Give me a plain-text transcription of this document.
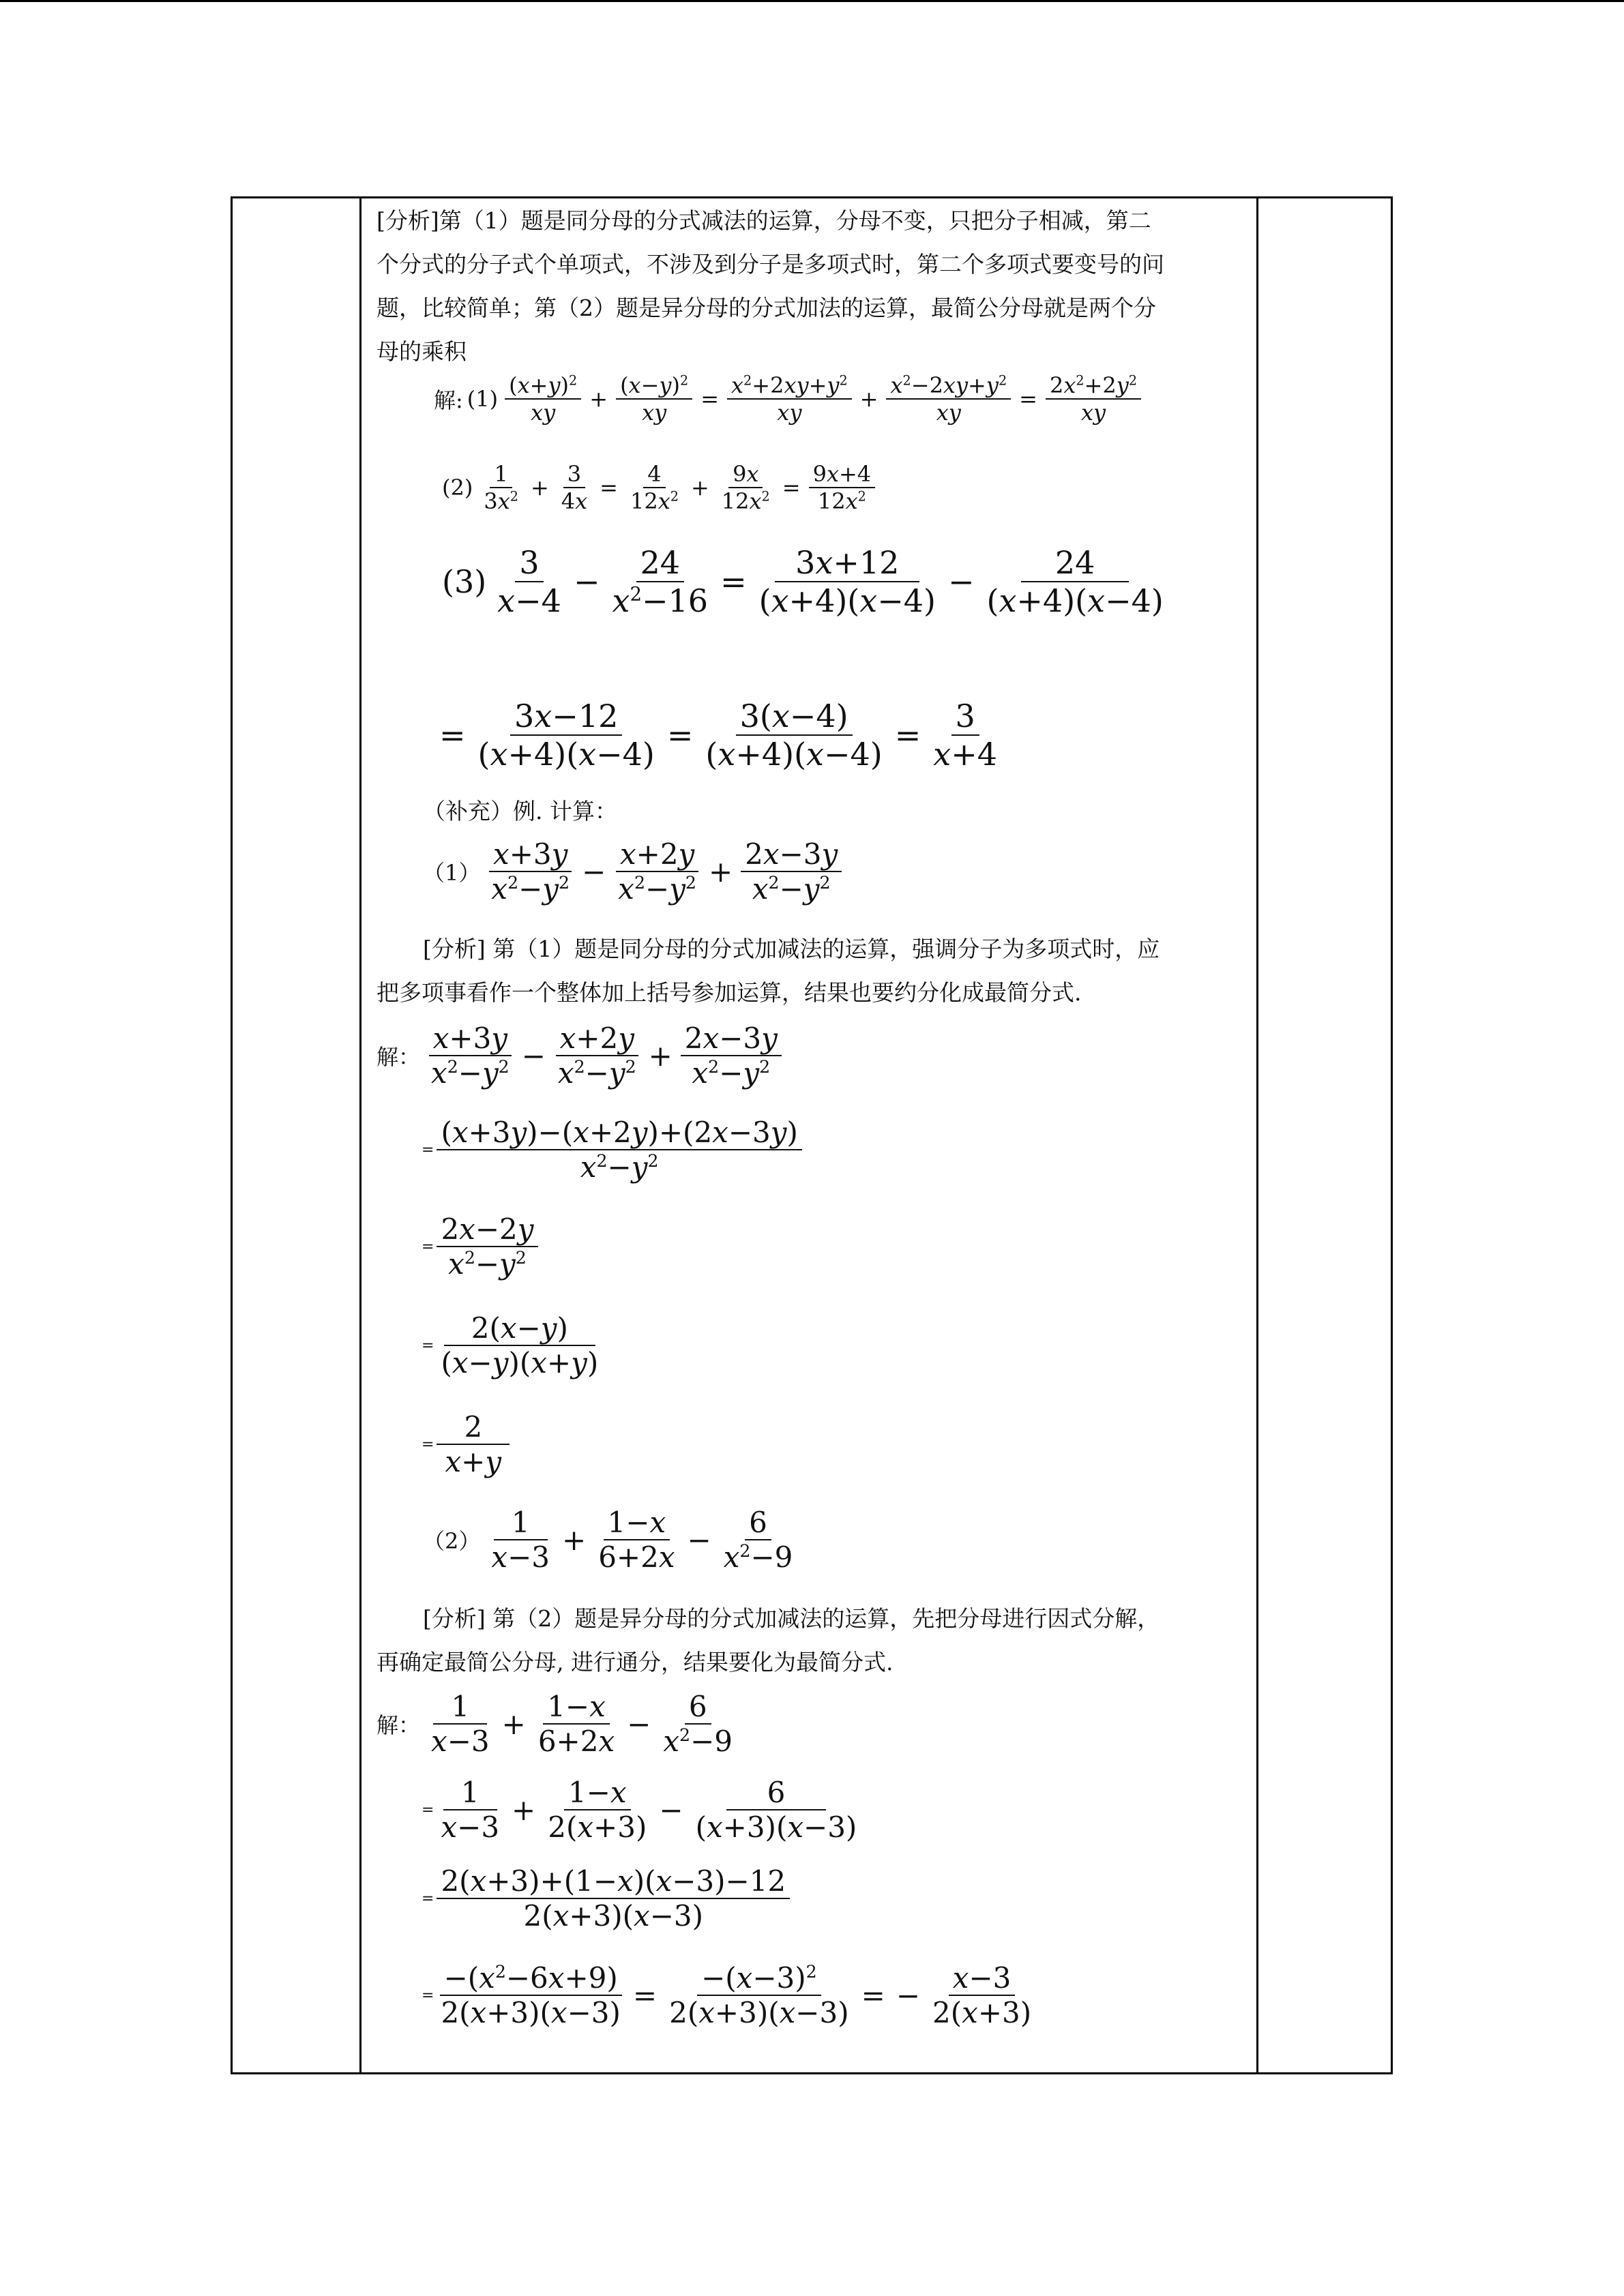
[分析]第（1）题是同分母的分式减法的运算，分母不变，只把分子相减，第二
个分式的分子式个单项式，不涉及到分子是多项式时，第二个多项式要变号的问
题，比较简单；第（2）题是异分母的分式加法的运算，最简公分母就是两个分
母的乘积
解: $(1) \frac{(x+y)^2}{xy} + \frac{(x-y)^2}{xy} = \frac{x^2+2xy+y^2}{xy} + \frac{x^2-2xy+y^2}{xy} = \frac{2x^2+2y^2}{xy}$
$(2) \frac{1}{3x^2} + \frac{3}{4x} = \frac{4}{12x^2} + \frac{9x}{12x^2} = \frac{9x+4}{12x^2}$
$(3) \frac{3}{x-4} - \frac{24}{x^2-16} = \frac{3x+12}{(x+4)(x-4)} - \frac{24}{(x+4)(x-4)}$
= $\frac{3x-12}{(x+4)(x-4)} = \frac{3(x-4)}{(x+4)(x-4)} = \frac{3}{x+4}$
（补充）例. 计算：
$(1) \frac{x+3y}{x^2-y^2} - \frac{x+2y}{x^2-y^2} + \frac{2x-3y}{x^2-y^2}$
[分析] 第（1）题是同分母的分式加减法的运算，强调分子为多项式时，应
把多项事看作一个整体加上括号参加运算，结果也要约分化成最简分式.
解： $\frac{x+3y}{x^2-y^2} - \frac{x+2y}{x^2-y^2} + \frac{2x-3y}{x^2-y^2}$
= $\frac{(x+3y)-(x+2y)+(2x-3y)}{x^2-y^2}$
= $\frac{2x-2y}{x^2-y^2}$
= $\frac{2(x-y)}{(x-y)(x+y)}$
= $\frac{2}{x+y}$
$(2) \frac{1}{x-3} + \frac{1-x}{6+2x} - \frac{6}{x^2-9}$
[分析] 第（2）题是异分母的分式加减法的运算，先把分母进行因式分解，
再确定最简公分母, 进行通分，结果要化为最简分式.
解： $\frac{1}{x-3} + \frac{1-x}{6+2x} - \frac{6}{x^2-9}$
= $\frac{1}{x-3} + \frac{1-x}{2(x+3)} - \frac{6}{(x+3)(x-3)}$
= $\frac{2(x+3)+(1-x)(x-3)-12}{2(x+3)(x-3)}$
= $\frac{-(x^2-6x+9)}{2(x+3)(x-3)} = \frac{-(x-3)^2}{2(x+3)(x-3)}$ = − $\frac{x-3}{2(x+3)}$
